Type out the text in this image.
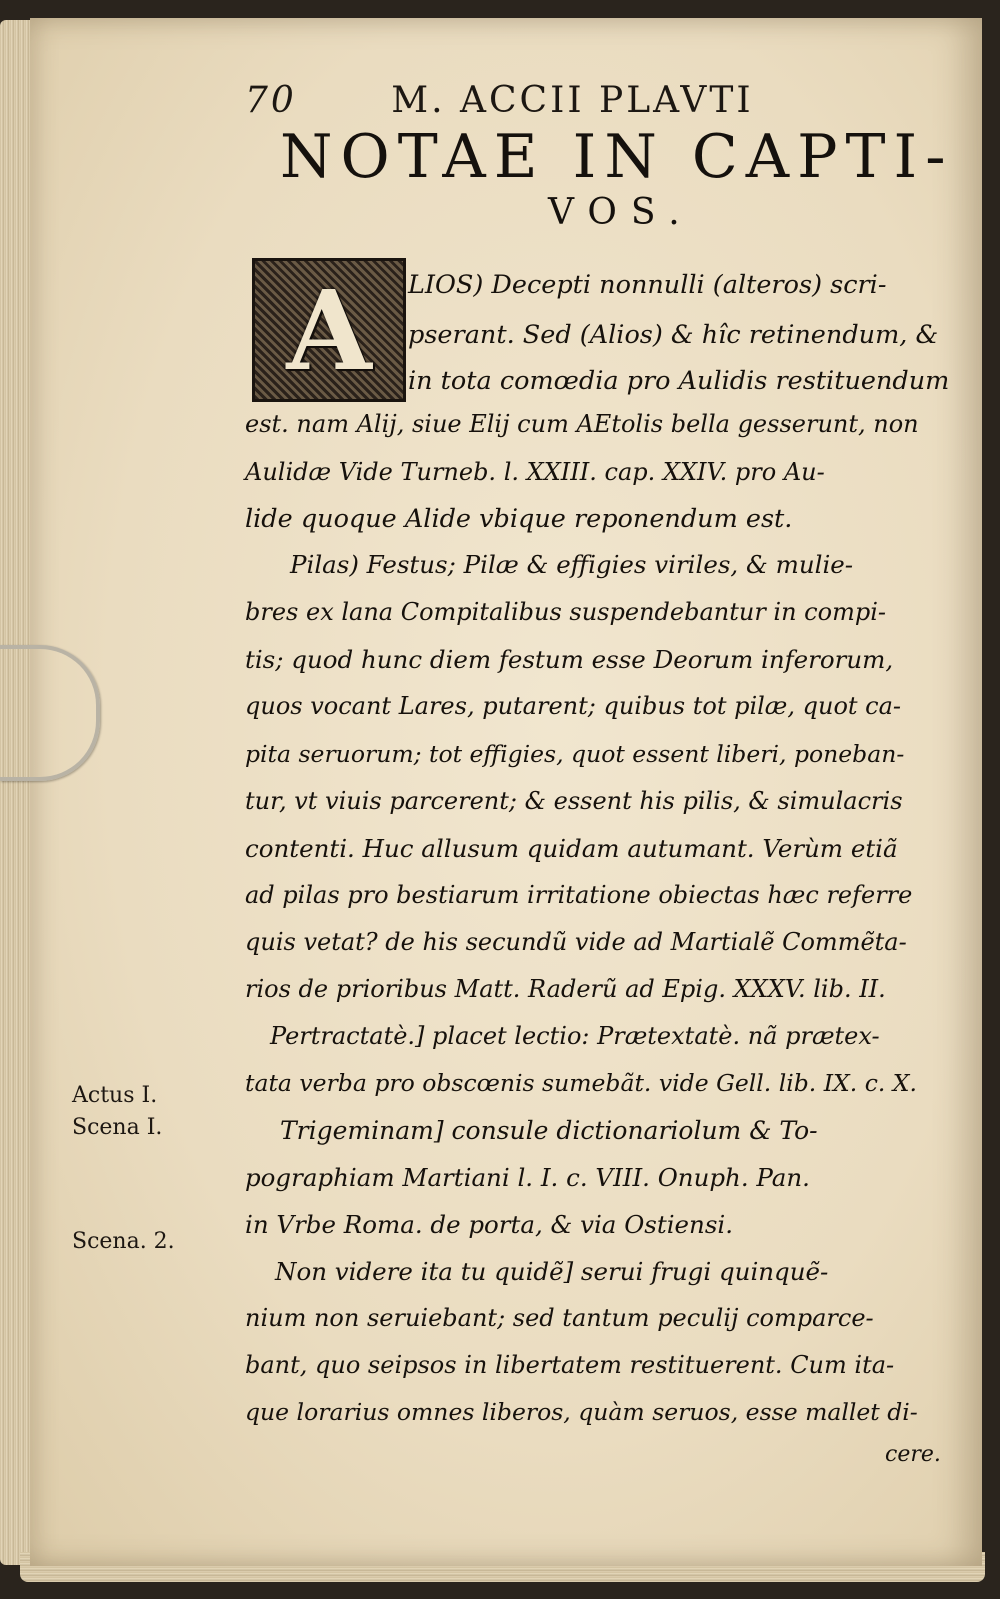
70	M. ACCII PLAVTI
NOTAE IN CAPTI-
VOS.
A LIOS) Decepti nonnulli (alteros) scri-
pserant. Sed (Alios) & hîc retinendum, &
in tota comœdia pro Aulidis restituendum
est. nam Alij, siue Elij cum AEtolis bella gesserunt, non
Aulidæ Vide Turneb. l. XXIII. cap. XXIV. pro Au-
lide quoque Alide vbique reponendum est.
Pilas) Festus; Pilæ & effigies viriles, & mulie-
bres ex lana Compitalibus suspendebantur in compi-
tis; quod hunc diem festum esse Deorum inferorum,
quos vocant Lares, putarent; quibus tot pilæ, quot ca-
pita seruorum; tot effigies, quot essent liberi, poneban-
tur, vt viuis parcerent; & essent his pilis, & simulacris
contenti. Huc allusum quidam autumant. Verùm etiã
ad pilas pro bestiarum irritatione obiectas hæc referre
quis vetat? de his secundũ vide ad Martialẽ Commẽta-
rios de prioribus Matt. Raderũ ad Epig. XXXV. lib. II.
Pertractatè.] placet lectio: Prætextatè. nã prætex-
tata verba pro obscœnis sumebãt. vide Gell. lib. IX. c. X.
Trigeminam] consule dictionariolum & To-
pographiam Martiani l. I. c. VIII. Onuph. Pan.
in Vrbe Roma. de porta, & via Ostiensi.
Non videre ita tu quidẽ] serui frugi quinquẽ-
nium non seruiebant; sed tantum peculij comparce-
bant, quo seipsos in libertatem restituerent. Cum ita-
que lorarius omnes liberos, quàm seruos, esse mallet di-
cere.
Actus I.
Scena I.
Scena. 2.
